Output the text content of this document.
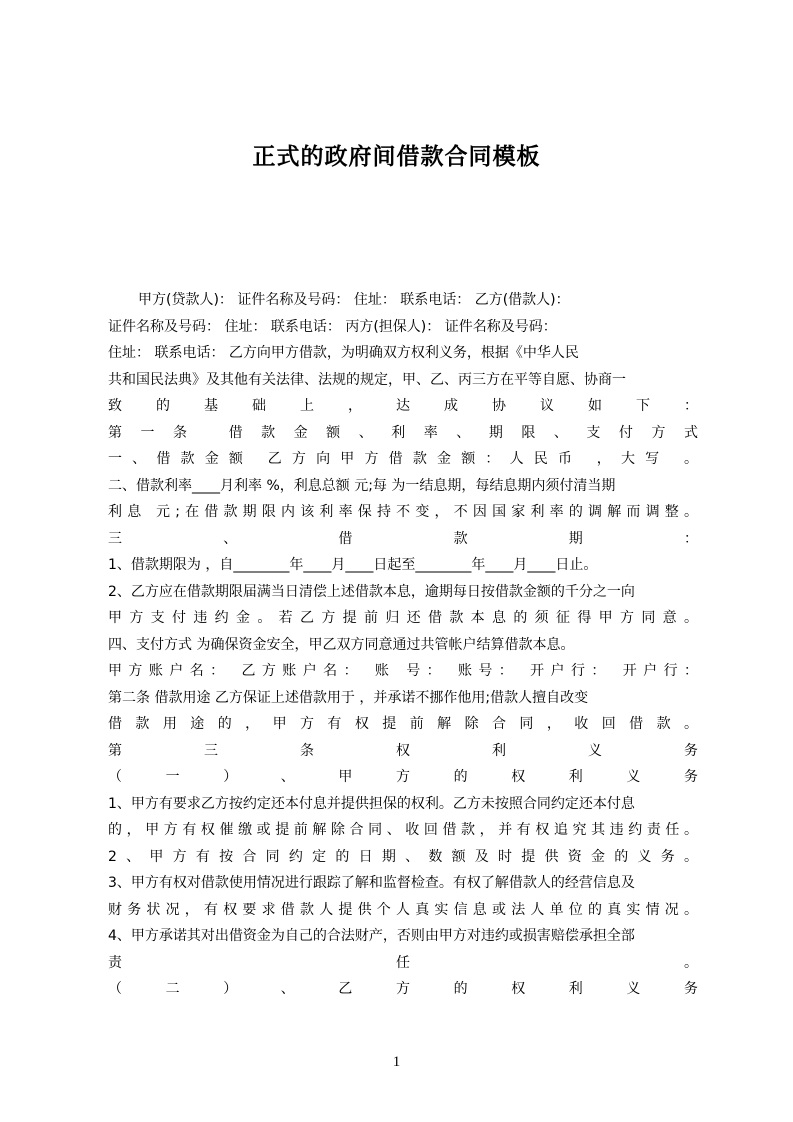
正式的政府间借款合同模板
甲方(贷款人)： 证件名称及号码： 住址： 联系电话： 乙方(借款人)：
证件名称及号码： 住址： 联系电话： 丙方(担保人)： 证件名称及号码：
住址： 联系电话： 乙方向甲方借款，为明确双方权利义务，根据《中华人民
共和国民法典》及其他有关法律、法规的规定，甲、乙、丙三方在平等自愿、协商一
致 的 基 础 上 ， 达 成 协 议 如 下 ：
第一条 借款金额、利率、期限、支付方式
一、借款金额 乙方向甲方借款金额：人民币 ，大写 。
二、借款利率____月利率 %，利息总额 元;每 为一结息期，每结息期内须付清当期
利息 元;在借款期限内该利率保持不变，不因国家利率的调解而调整。
三 、 借 款 期 ：
1、借款期限为 ，自________年____月____日起至________年____月____日止。
2、乙方应在借款期限届满当日清偿上述借款本息，逾期每日按借款金额的千分之一向
甲方支付违约金。若乙方提前归还借款本息的须征得甲方同意。
四、支付方式 为确保资金安全，甲乙双方同意通过共管帐户结算借款本息。
甲方账户名： 乙方账户名： 账 号： 账号： 开户行： 开户行：
第二条 借款用途 乙方保证上述借款用于 ，并承诺不挪作他用;借款人擅自改变
借款用途的，甲方有权提前解除合同，收回借款。
第 三 条 权 利 义 务
（ 一 ） 、 甲 方 的 权 利 义 务
1、甲方有要求乙方按约定还本付息并提供担保的权利。乙方未按照合同约定还本付息
的，甲方有权催缴或提前解除合同、收回借款，并有权追究其违约责任。
2、甲方有按合同约定的日期、数额及时提供资金的义务。
3、甲方有权对借款使用情况进行跟踪了解和监督检查。有权了解借款人的经营信息及
财务状况，有权要求借款人提供个人真实信息或法人单位的真实情况。
4、甲方承诺其对出借资金为自己的合法财产，否则由甲方对违约或损害赔偿承担全部
责 任 。
（ 二 ） 、 乙 方 的 权 利 义 务
1
